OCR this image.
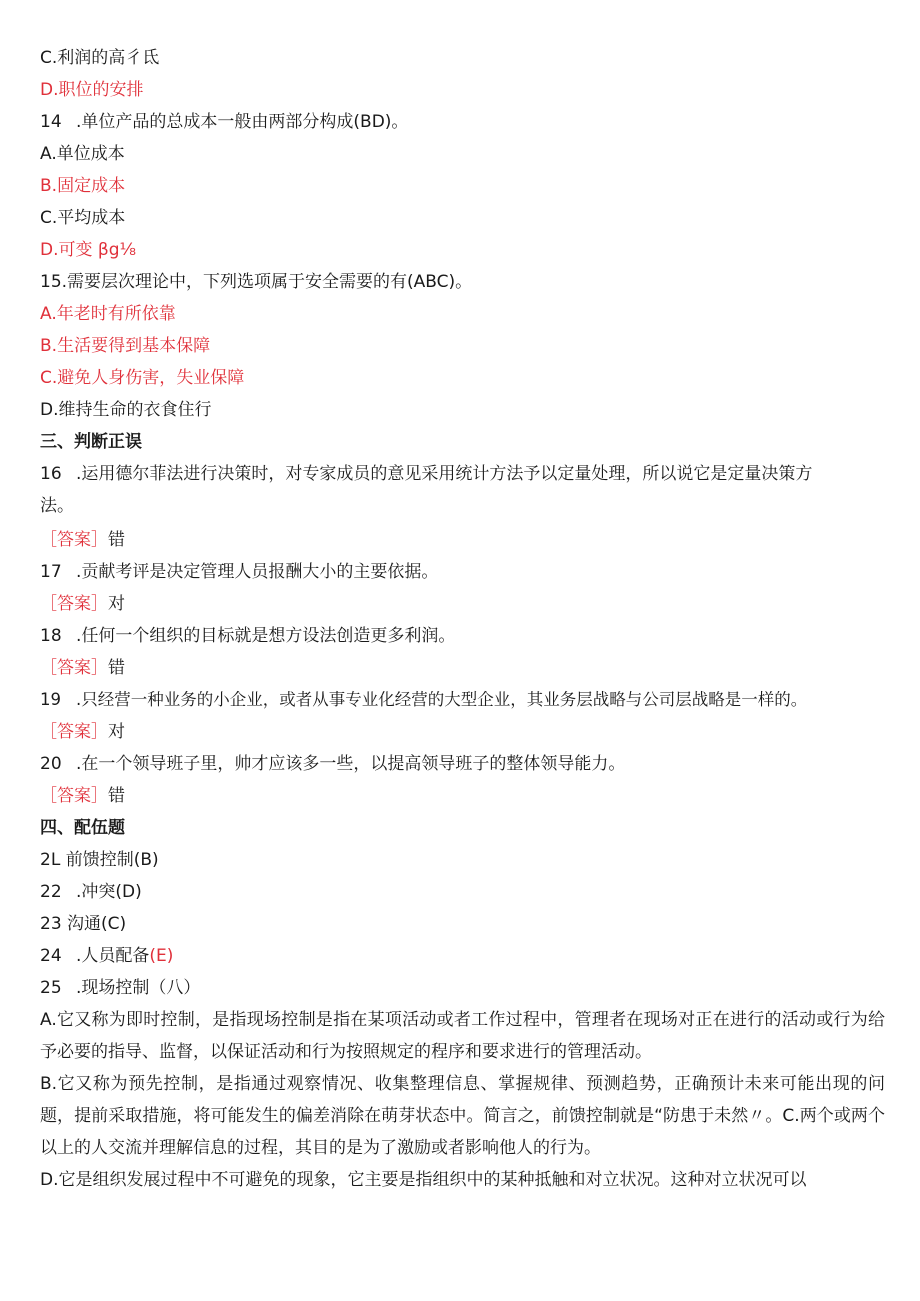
C.利润的高彳氐
D.职位的安排
14 .单位产品的总成本一般由两部分构成(BD)。
A.单位成本
B.固定成本
C.平均成本
D.可变 βg⅛
15.需要层次理论中，下列选项属于安全需要的有(ABC)。
A.年老时有所依靠
B.生活要得到基本保障
C.避免人身伤害，失业保障
D.维持生命的衣食住行
三、判断正误
16 .运用德尔菲法进行决策时，对专家成员的意见采用统计方法予以定量处理，所以说它是定量决策方
法。
［答案］错
17 .贡献考评是决定管理人员报酬大小的主要依据。
［答案］对
18 .任何一个组织的目标就是想方设法创造更多利润。
［答案］错
19 .只经营一种业务的小企业，或者从事专业化经营的大型企业，其业务层战略与公司层战略是一样的。
［答案］对
20 .在一个领导班子里，帅才应该多一些，以提高领导班子的整体领导能力。
［答案］错
四、配伍题
2L 前馈控制(B)
22 .冲突(D)
23 沟通(C)
24 .人员配备(E)
25 .现场控制（八）
A.它又称为即时控制，是指现场控制是指在某项活动或者工作过程中，管理者在现场对正在进行的活动或行为给予必要的指导、监督，以保证活动和行为按照规定的程序和要求进行的管理活动。
B.它又称为预先控制，是指通过观察情况、收集整理信息、掌握规律、预测趋势，正确预计未来可能出现的问题，提前采取措施，将可能发生的偏差消除在萌芽状态中。简言之，前馈控制就是“防患于未然〃。C.两个或两个以上的人交流并理解信息的过程，其目的是为了激励或者影响他人的行为。
D.它是组织发展过程中不可避免的现象，它主要是指组织中的某种抵触和对立状况。这种对立状况可以
